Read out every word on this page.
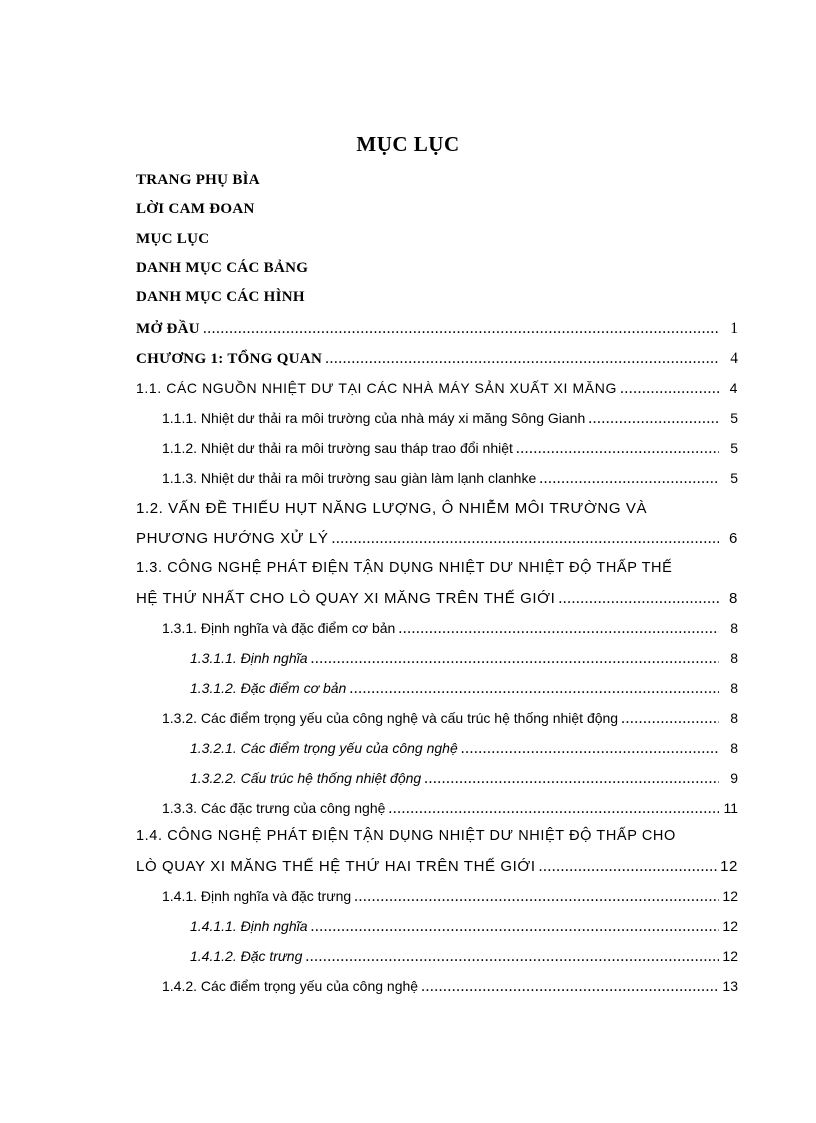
MỤC LỤC
TRANG PHỤ BÌA
LỜI CAM ĐOAN
MỤC LỤC
DANH MỤC CÁC BẢNG
DANH MỤC CÁC HÌNH
MỞ ĐẦU .....	1
CHƯƠNG 1: TỔNG QUAN .....	4
1.1. CÁC NGUỒN NHIỆT DƯ TẠI CÁC NHÀ MÁY SẢN XUẤT XI MĂNG .....	4
1.1.1. Nhiệt dư thải ra môi trường của nhà máy xi măng Sông Gianh .....	5
1.1.2. Nhiệt dư thải ra môi trường sau tháp trao đổi nhiệt .....	5
1.1.3. Nhiệt dư thải ra môi trường sau giàn làm lạnh clanhke .....	5
1.2. VẤN ĐỀ THIẾU HỤT NĂNG LƯỢNG, Ô NHIỄM MÔI TRƯỜNG VÀ
PHƯƠNG HƯỚNG XỬ LÝ .....	6
1.3. CÔNG NGHỆ PHÁT ĐIỆN TẬN DỤNG NHIỆT DƯ NHIỆT ĐỘ THẤP THẾ
HỆ THỨ NHẤT CHO LÒ QUAY XI MĂNG TRÊN THẾ GIỚI .....	8
1.3.1. Định nghĩa và đặc điểm cơ bản .....	8
1.3.1.1. Định nghĩa .....	8
1.3.1.2. Đặc điểm cơ bản .....	8
1.3.2. Các điểm trọng yếu của công nghệ và cấu trúc hệ thống nhiệt động .....	8
1.3.2.1. Các điểm trọng yếu của công nghệ .....	8
1.3.2.2. Cấu trúc hệ thống nhiệt động .....	9
1.3.3. Các đặc trưng của công nghệ .....	11
1.4. CÔNG NGHỆ PHÁT ĐIỆN TẬN DỤNG NHIỆT DƯ NHIỆT ĐỘ THẤP CHO
LÒ QUAY XI MĂNG THẾ HỆ THỨ HAI TRÊN THẾ GIỚI .....	12
1.4.1. Định nghĩa và đặc trưng .....	12
1.4.1.1. Định nghĩa .....	12
1.4.1.2. Đặc trưng .....	12
1.4.2. Các điểm trọng yếu của công nghệ .....	13
